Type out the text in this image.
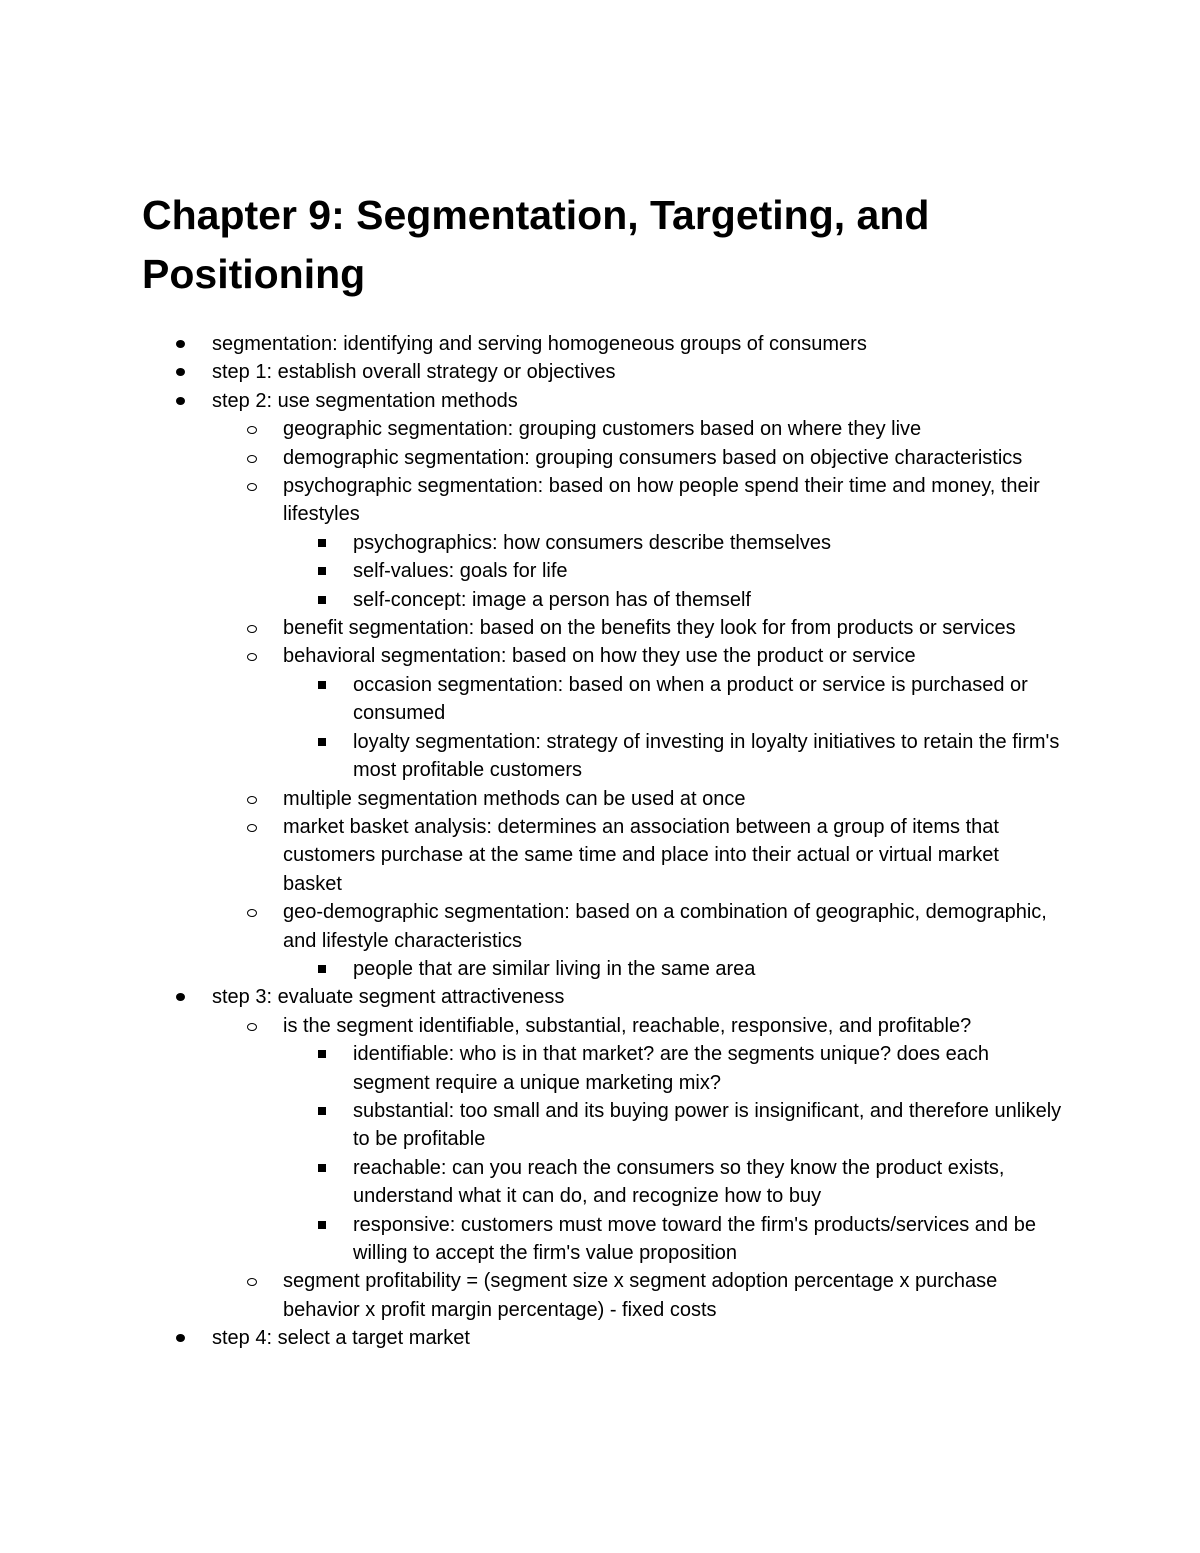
Chapter 9: Segmentation, Targeting, and Positioning
segmentation: identifying and serving homogeneous groups of consumers
step 1: establish overall strategy or objectives
step 2: use segmentation methods
geographic segmentation: grouping customers based on where they live
demographic segmentation: grouping consumers based on objective characteristics
psychographic segmentation: based on how people spend their time and money, their lifestyles
psychographics: how consumers describe themselves
self-values: goals for life
self-concept: image a person has of themself
benefit segmentation: based on the benefits they look for from products or services
behavioral segmentation: based on how they use the product or service
occasion segmentation: based on when a product or service is purchased or consumed
loyalty segmentation: strategy of investing in loyalty initiatives to retain the firm's most profitable customers
multiple segmentation methods can be used at once
market basket analysis: determines an association between a group of items that customers purchase at the same time and place into their actual or virtual market basket
geo-demographic segmentation: based on a combination of geographic, demographic, and lifestyle characteristics
people that are similar living in the same area
step 3: evaluate segment attractiveness
is the segment identifiable, substantial, reachable, responsive, and profitable?
identifiable: who is in that market? are the segments unique? does each segment require a unique marketing mix?
substantial: too small and its buying power is insignificant, and therefore unlikely to be profitable
reachable: can you reach the consumers so they know the product exists, understand what it can do, and recognize how to buy
responsive: customers must move toward the firm's products/services and be willing to accept the firm's value proposition
segment profitability = (segment size x segment adoption percentage x purchase behavior x profit margin percentage) - fixed costs
step 4: select a target market
